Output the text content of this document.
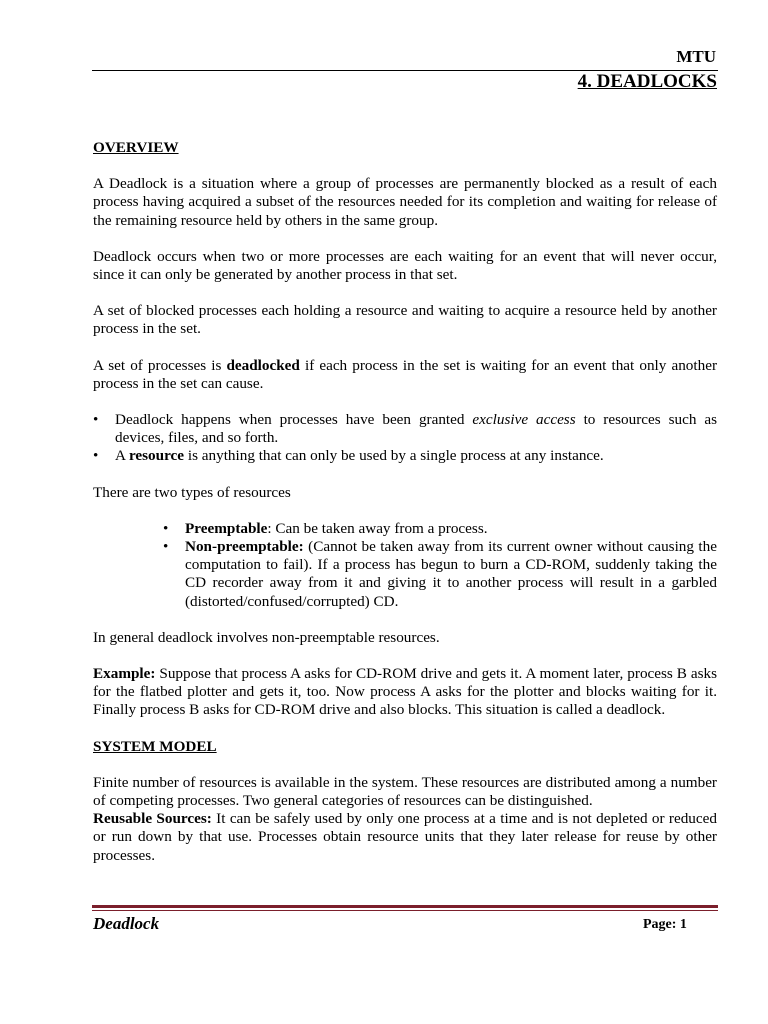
MTU
4. DEADLOCKS

OVERVIEW

A Deadlock is a situation where a group of processes are permanently blocked as a result of each process having acquired a subset of the resources needed for its completion and waiting for release of the remaining resource held by others in the same group.

Deadlock occurs when two or more processes are each waiting for an event that will never occur, since it can only be generated by another process in that set.

A set of blocked processes each holding a resource and waiting to acquire a resource held by another process in the set.

A set of processes is deadlocked if each process in the set is waiting for an event that only another process in the set can cause.

• Deadlock happens when processes have been granted exclusive access to resources such as devices, files, and so forth.
• A resource is anything that can only be used by a single process at any instance.

There are two types of resources

• Preemptable: Can be taken away from a process.
• Non-preemptable: (Cannot be taken away from its current owner without causing the computation to fail). If a process has begun to burn a CD-ROM, suddenly taking the CD recorder away from it and giving it to another process will result in a garbled (distorted/confused/corrupted) CD.

In general deadlock involves non-preemptable resources.

Example: Suppose that process A asks for CD-ROM drive and gets it. A moment later, process B asks for the flatbed plotter and gets it, too. Now process A asks for the plotter and blocks waiting for it. Finally process B asks for CD-ROM drive and also blocks. This situation is called a deadlock.

SYSTEM MODEL

Finite number of resources is available in the system. These resources are distributed among a number of competing processes. Two general categories of resources can be distinguished.

Reusable Sources: It can be safely used by only one process at a time and is not depleted or reduced or run down by that use. Processes obtain resource units that they later release for reuse by other processes.

Deadlock	Page: 1
